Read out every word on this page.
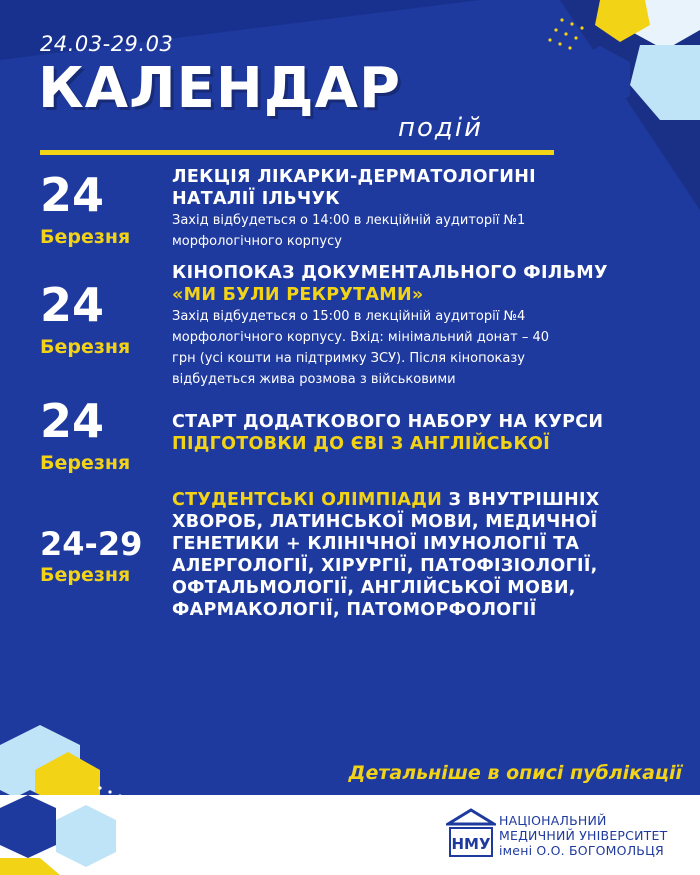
24.03-29.03
КАЛЕНДАР
подій
24
Березня
ЛЕКЦІЯ ЛІКАРКИ-ДЕРМАТОЛОГИНІ
НАТАЛІЇ ІЛЬЧУК
Захід відбудеться о 14:00 в лекційній аудиторії №1
морфологічного корпусу
24
Березня
КІНОПОКАЗ ДОКУМЕНТАЛЬНОГО ФІЛЬМУ
«МИ БУЛИ РЕКРУТАМИ»
Захід відбудеться о 15:00 в лекційній аудиторії №4
морфологічного корпусу. Вхід: мінімальний донат – 40
грн (усі кошти на підтримку ЗСУ). Після кінопоказу
відбудеться жива розмова з військовими
24
Березня
СТАРТ ДОДАТКОВОГО НАБОРУ НА КУРСИ
ПІДГОТОВКИ ДО ЄВІ З АНГЛІЙСЬКОЇ
24-29
Березня
СТУДЕНТСЬКІ ОЛІМПІАДИ З ВНУТРІШНІХ
ХВОРОБ, ЛАТИНСЬКОЇ МОВИ, МЕДИЧНОЇ
ГЕНЕТИКИ + КЛІНІЧНОЇ ІМУНОЛОГІЇ ТА
АЛЕРГОЛОГІЇ, ХІРУРГІЇ, ПАТОФІЗІОЛОГІЇ,
ОФТАЛЬМОЛОГІЇ, АНГЛІЙСЬКОЇ МОВИ,
ФАРМАКОЛОГІЇ, ПАТОМОРФОЛОГІЇ
Детальніше в описі публікації
НМУ
НАЦІОНАЛЬНИЙ
МЕДИЧНИЙ УНІВЕРСИТЕТ
імені О.О. БОГОМОЛЬЦЯ
